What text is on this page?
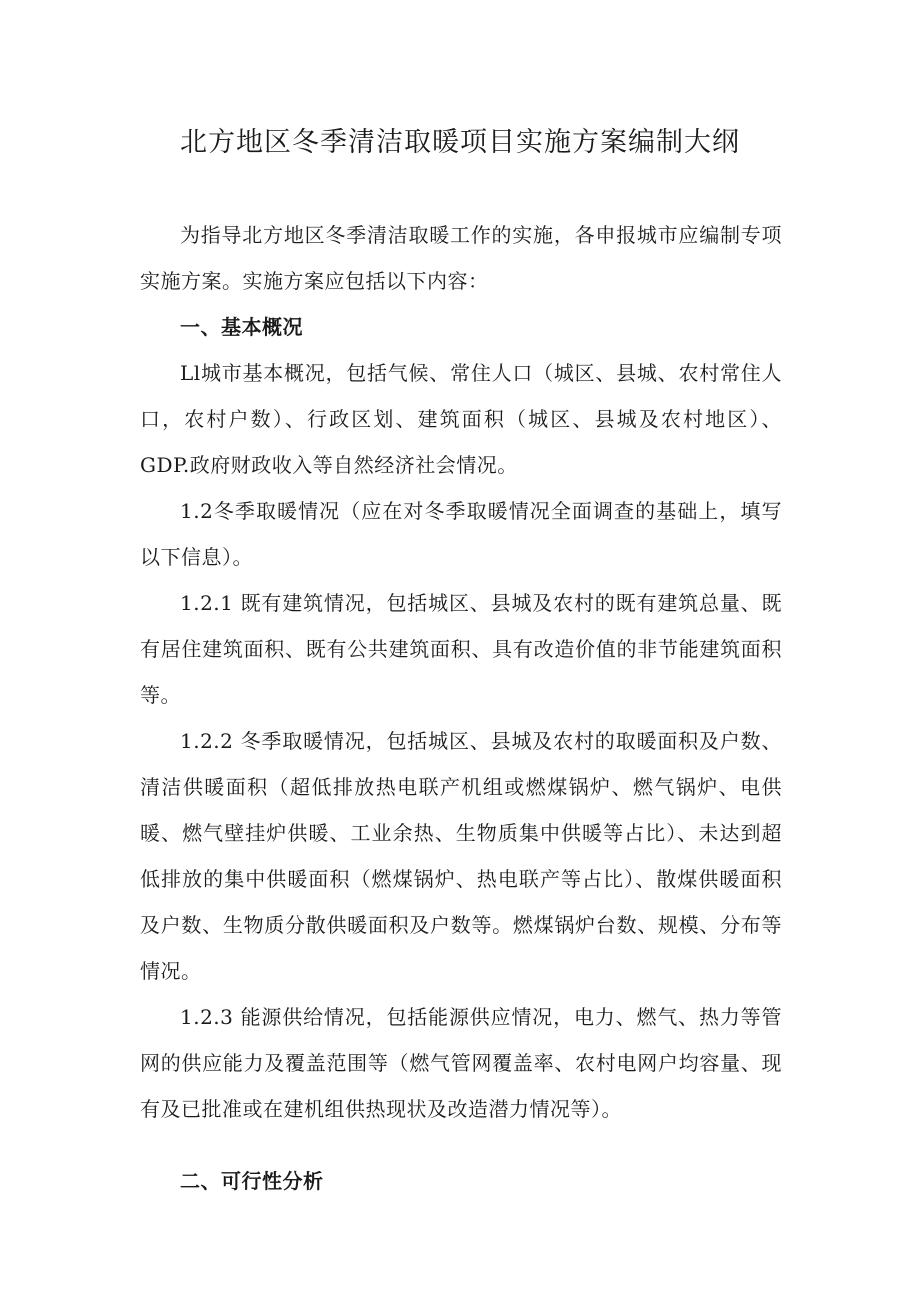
北方地区冬季清洁取暖项目实施方案编制大纲

为指导北方地区冬季清洁取暖工作的实施，各申报城市应编制专项实施方案。实施方案应包括以下内容：

一、基本概况

Ll城市基本概况，包括气候、常住人口（城区、县城、农村常住人口，农村户数）、行政区划、建筑面积（城区、县城及农村地区）、GDP.政府财政收入等自然经济社会情况。

1.2冬季取暖情况（应在对冬季取暖情况全面调查的基础上，填写以下信息）。

1.2.1 既有建筑情况，包括城区、县城及农村的既有建筑总量、既有居住建筑面积、既有公共建筑面积、具有改造价值的非节能建筑面积等。

1.2.2 冬季取暖情况，包括城区、县城及农村的取暖面积及户数、清洁供暖面积（超低排放热电联产机组或燃煤锅炉、燃气锅炉、电供暖、燃气壁挂炉供暖、工业余热、生物质集中供暖等占比）、未达到超低排放的集中供暖面积（燃煤锅炉、热电联产等占比）、散煤供暖面积及户数、生物质分散供暖面积及户数等。燃煤锅炉台数、规模、分布等情况。

1.2.3 能源供给情况，包括能源供应情况，电力、燃气、热力等管网的供应能力及覆盖范围等（燃气管网覆盖率、农村电网户均容量、现有及已批准或在建机组供热现状及改造潜力情况等）。

二、可行性分析
